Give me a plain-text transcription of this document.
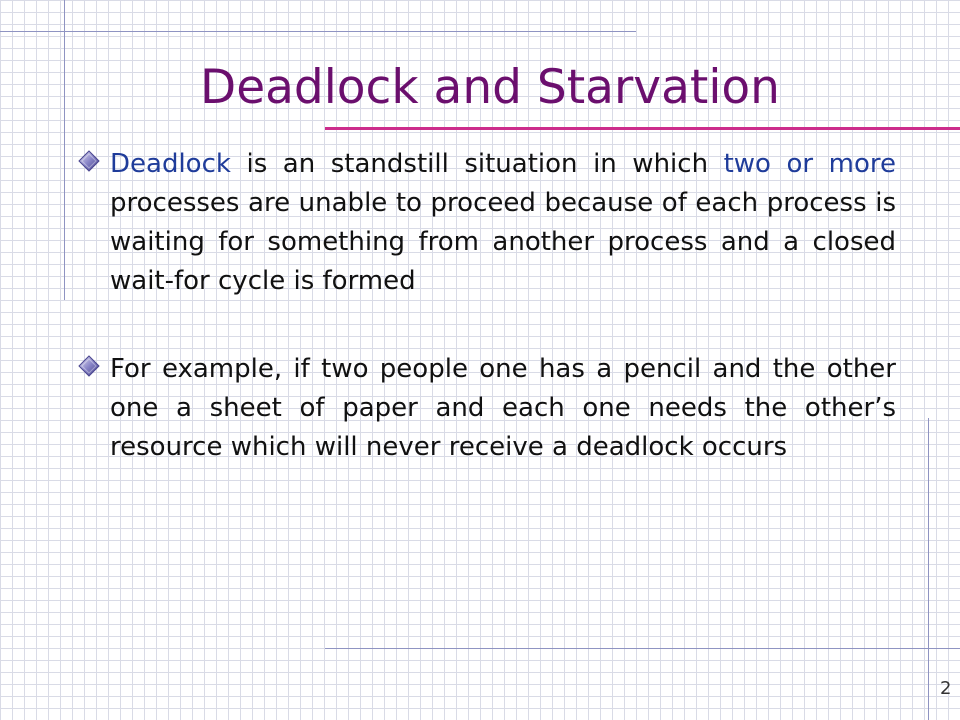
Deadlock and Starvation

Deadlock is an standstill situation in which two or more processes are unable to proceed because of each process is waiting for something from another process and a closed wait-for cycle is formed

For example, if two people one has a pencil and the other one a sheet of paper and each one needs the other’s resource which will never receive a deadlock occurs

2
